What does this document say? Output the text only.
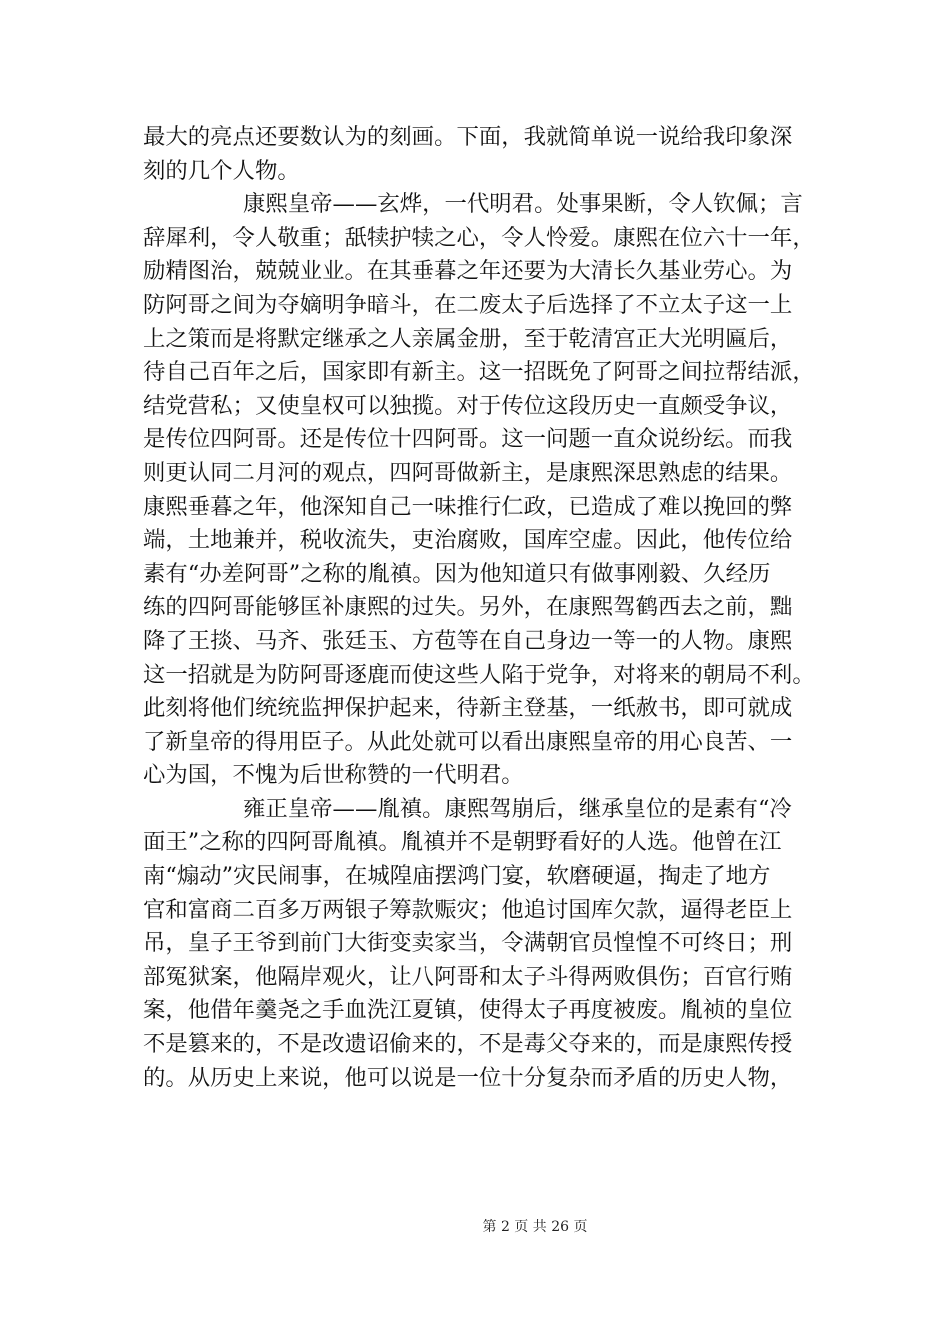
最大的亮点还要数认为的刻画。下面，我就简单说一说给我印象深
刻的几个人物。
康熙皇帝——玄烨，一代明君。处事果断，令人钦佩；言
辞犀利，令人敬重；舐犊护犊之心，令人怜爱。康熙在位六十一年，
励精图治，兢兢业业。在其垂暮之年还要为大清长久基业劳心。为
防阿哥之间为夺嫡明争暗斗，在二废太子后选择了不立太子这一上
上之策而是将默定继承之人亲属金册，至于乾清宫正大光明匾后，
待自己百年之后，国家即有新主。这一招既免了阿哥之间拉帮结派，
结党营私；又使皇权可以独揽。对于传位这段历史一直颇受争议，
是传位四阿哥。还是传位十四阿哥。这一问题一直众说纷纭。而我
则更认同二月河的观点，四阿哥做新主，是康熙深思熟虑的结果。
康熙垂暮之年，他深知自己一味推行仁政，已造成了难以挽回的弊
端，土地兼并，税收流失，吏治腐败，国库空虚。因此，他传位给
素有“办差阿哥”之称的胤禛。因为他知道只有做事刚毅、久经历
练的四阿哥能够匡补康熙的过失。另外，在康熙驾鹤西去之前，黜
降了王掞、马齐、张廷玉、方苞等在自己身边一等一的人物。康熙
这一招就是为防阿哥逐鹿而使这些人陷于党争，对将来的朝局不利。
此刻将他们统统监押保护起来，待新主登基，一纸赦书，即可就成
了新皇帝的得用臣子。从此处就可以看出康熙皇帝的用心良苦、一
心为国，不愧为后世称赞的一代明君。
雍正皇帝——胤禛。康熙驾崩后，继承皇位的是素有“冷
面王”之称的四阿哥胤禛。胤禛并不是朝野看好的人选。他曾在江
南“煽动”灾民闹事，在城隍庙摆鸿门宴，软磨硬逼，掏走了地方
官和富商二百多万两银子筹款赈灾；他追讨国库欠款，逼得老臣上
吊，皇子王爷到前门大街变卖家当，令满朝官员惶惶不可终日；刑
部冤狱案，他隔岸观火，让八阿哥和太子斗得两败俱伤；百官行贿
案，他借年羹尧之手血洗江夏镇，使得太子再度被废。胤祯的皇位
不是篡来的，不是改遗诏偷来的，不是毒父夺来的，而是康熙传授
的。从历史上来说，他可以说是一位十分复杂而矛盾的历史人物，
第 2 页 共 26 页
